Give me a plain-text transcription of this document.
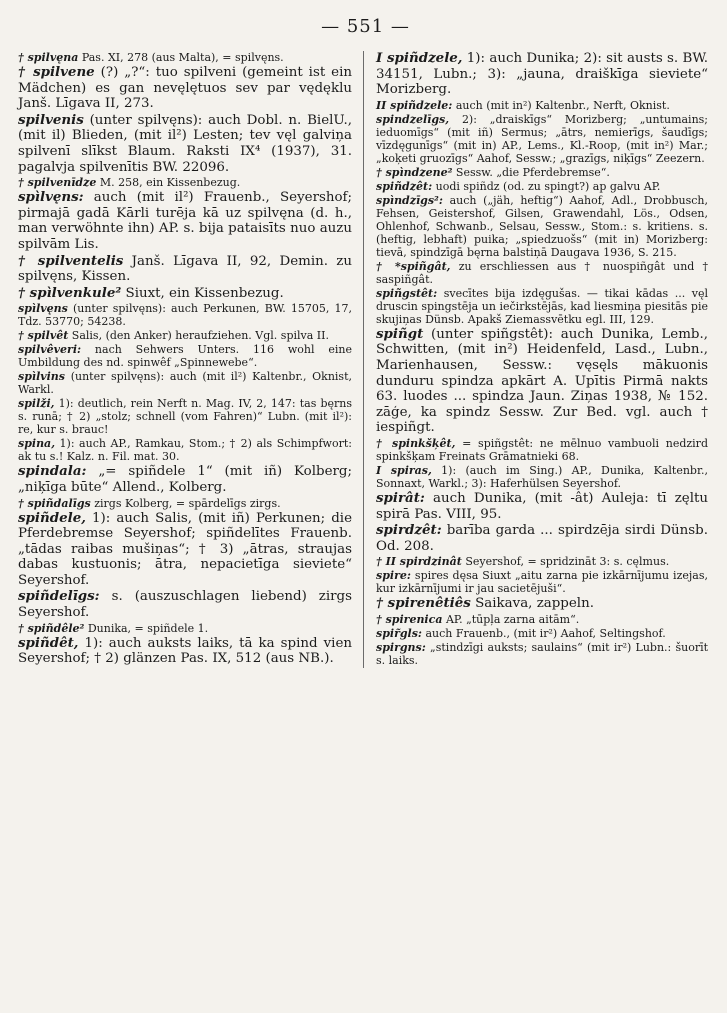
— 551 —
† spilvęna Pas. XI, 278 (aus Malta), = spilvęns.
† spilvene (?) „?“: tuo spilveni (gemeint ist ein Mädchen) es gan nevęlętuos sev par vędęklu Janš. Līgava II, 273.
spilvenis (unter spilvęns): auch Dobl. n. BielU., (mit il) Blieden, (mit il²) Lesten; tev vęl galviņa spilvenī slīkst Blaum. Raksti IX⁴ (1937), 31. pagalvja spilvenītis BW. 22096.
† spilvenīdze M. 258, ein Kissenbezug.
spìlvęns: auch (mit il²) Frauenb., Seyershof; pirmajā gadā Kārli turēja kā uz spilvęna (d. h., man verwöhnte ihn) AP. s. bija pataisīts nuo auzu spilvām Lis.
† spilventelis Janš. Līgava II, 92, Demin. zu spilvęns, Kissen.
† spìlvenkule² Siuxt, ein Kissenbezug.
spìlvęns (unter spilvęns): auch Perkunen, BW. 15705, 17, Tdz. 53770; 54238.
† spilvêt Salis, (den Anker) heraufziehen. Vgl. spilva II.
spilvêveri: nach Sehwers Unters. 116 wohl eine Umbildung des nd. spinwêf „Spinnewebe“.
spìlvins (unter spilvęns): auch (mit il²) Kaltenbr., Oknist, Warkl.
spilži, 1): deutlich, rein Nerft n. Mag. IV, 2, 147: tas bęrns s. runā; † 2) „stolz; schnell (vom Fahren)“ Lubn. (mit il²): re, kur s. brauc!
spina, 1): auch AP., Ramkau, Stom.; † 2) als Schimpfwort: ak tu s.! Kalz. n. Fil. mat. 30.
spindala: „= spiñdele 1“ (mit iñ) Kolberg; „niķīga būte“ Allend., Kolberg.
† spiñdalīgs zirgs Kolberg, = spārdelīgs zirgs.
spiñdele, 1): auch Salis, (mit iñ) Perkunen; die Pferdebremse Seyershof; spiñdelītes Frauenb. „tādas raibas mušiņas“; † 3) „ātras, straujas dabas kustuonis; ātra, nepacietīga sieviete“ Seyershof.
spiñdelīgs: s. (auszuschlagen liebend) zirgs Seyershof.
† spiñdêle² Dunika, = spiñdele 1.
spiñdêt, 1): auch auksts laiks, tā ka spind vien Seyershof; † 2) glänzen Pas. IX, 512 (aus NB.).
I spiñdzele, 1): auch Dunika; 2): sit austs s. BW. 34151, Lubn.; 3): „jauna, draiškīga sieviete“ Morizberg.
II spiñdzele: auch (mit in²) Kaltenbr., Nerft, Oknist.
spindzelīgs, 2): „draiskīgs“ Morizberg; „untumains; ieduomīgs“ (mit iñ) Sermus; „ātrs, nemierīgs, šaudīgs; vīzdęgunīgs“ (mit in) AP., Lems., Kl.-Roop, (mit in²) Mar.; „koķeti gruozīgs“ Aahof, Sessw.; „grazīgs, niķīgs“ Zeezern.
† spìndzene² Sessw. „die Pferdebremse“.
spiñdzêt: uodi spiñdz (od. zu spingt?) ap galvu AP.
spìndzīgs²: auch („jäh, heftig“) Aahof, Adl., Drobbusch, Fehsen, Geistershof, Gilsen, Grawendahl, Lös., Odsen, Ohlenhof, Schwanb., Selsau, Sessw., Stom.: s. kritiens. s. (heftig, lebhaft) puika; „spiedzuošs“ (mit in) Morizberg: tievā, spindzīgā bęrna balstiņā Daugava 1936, S. 215.
† *spiñgât, zu erschliessen aus † nuospiñgât und † saspiñgât.
spiñgstêt: svecītes bija izdęgušas. — tikai kādas ... vęl druscin spingstēja un iečirkstējās, kad liesmiņa piesitās pie skujiņas Dünsb. Apakš Ziemassvētku egl. III, 129.
spiñgt (unter spiñgstêt): auch Dunika, Lemb., Schwitten, (mit in²) Heidenfeld, Lasd., Lubn., Marienhausen, Sessw.: vęsęls mākuonis dunduru spindza apkārt A. Upītis Pirmā nakts 63. luodes ... spindza Jaun. Ziņas 1938, № 152. zāģe, ka spindz Sessw. Zur Bed. vgl. auch † iespiñgt.
† spinkšķêt, = spiñgstêt: ne mēlnuo vambuoli nedzird spinkšķam Freinats Grāmatnieki 68.
I spiras, 1): (auch im Sing.) AP., Dunika, Kaltenbr., Sonnaxt, Warkl.; 3): Haferhülsen Seyershof.
spirât: auch Dunika, (mit -ât) Auleja: tī zęltu spirā Pas. VIII, 95.
spirdzêt: barība garda ... spirdzēja sirdi Dünsb. Od. 208.
† II spirdzinât Seyershof, = spridzināt 3: s. cęlmus.
spire: spires dęsa Siuxt „aitu zarna pie izkārnījumu izejas, kur izkārnījumi ir jau sacietējuši“.
† spirenêtiês Saikava, zappeln.
† spirenica AP. „tūpļa zarna aitām“.
spir̃gls: auch Frauenb., (mit ir²) Aahof, Seltingshof.
spirgns: „stindzīgi auksts; saulains“ (mit ir²) Lubn.: šuorīt s. laiks.
